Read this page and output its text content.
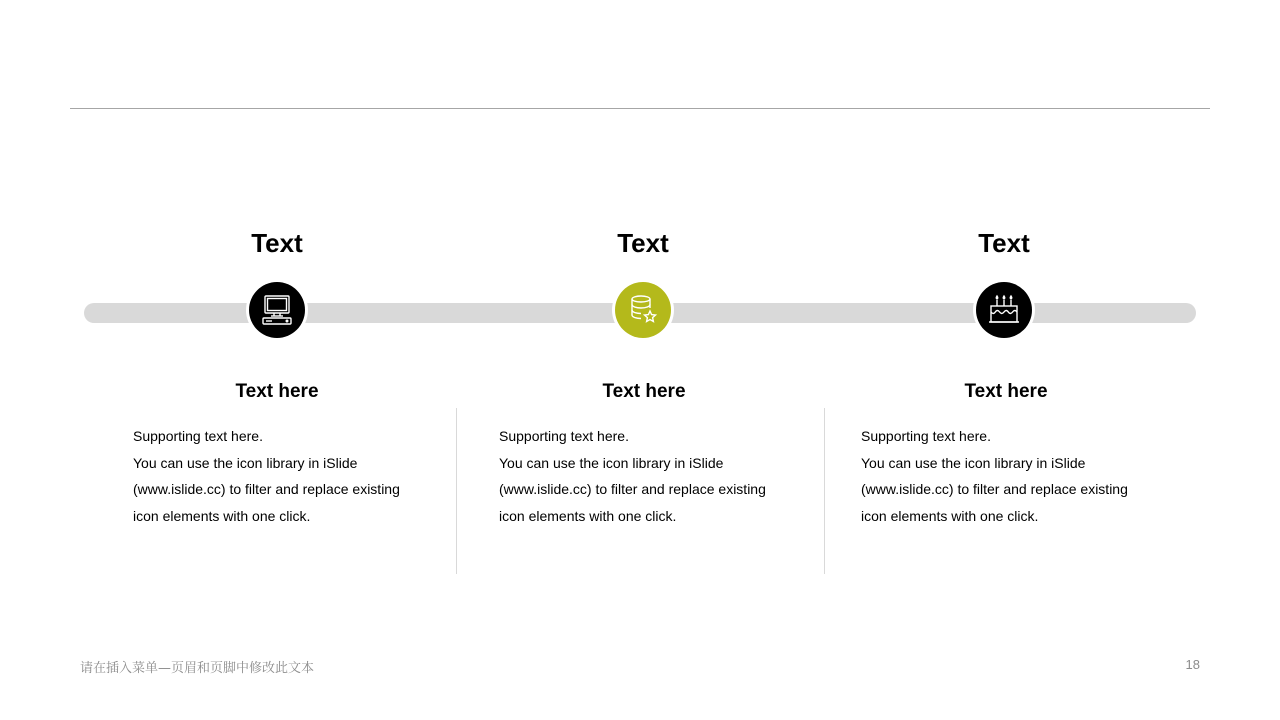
Text
Text here
Supporting text here.
You can use the icon library in iSlide
(www.islide.cc) to filter and replace existing
icon elements with one click.
Text
Text here
Supporting text here.
You can use the icon library in iSlide
(www.islide.cc) to filter and replace existing
icon elements with one click.
Text
Text here
Supporting text here.
You can use the icon library in iSlide
(www.islide.cc) to filter and replace existing
icon elements with one click.
请在插入菜单—页眉和页脚中修改此文本	18
